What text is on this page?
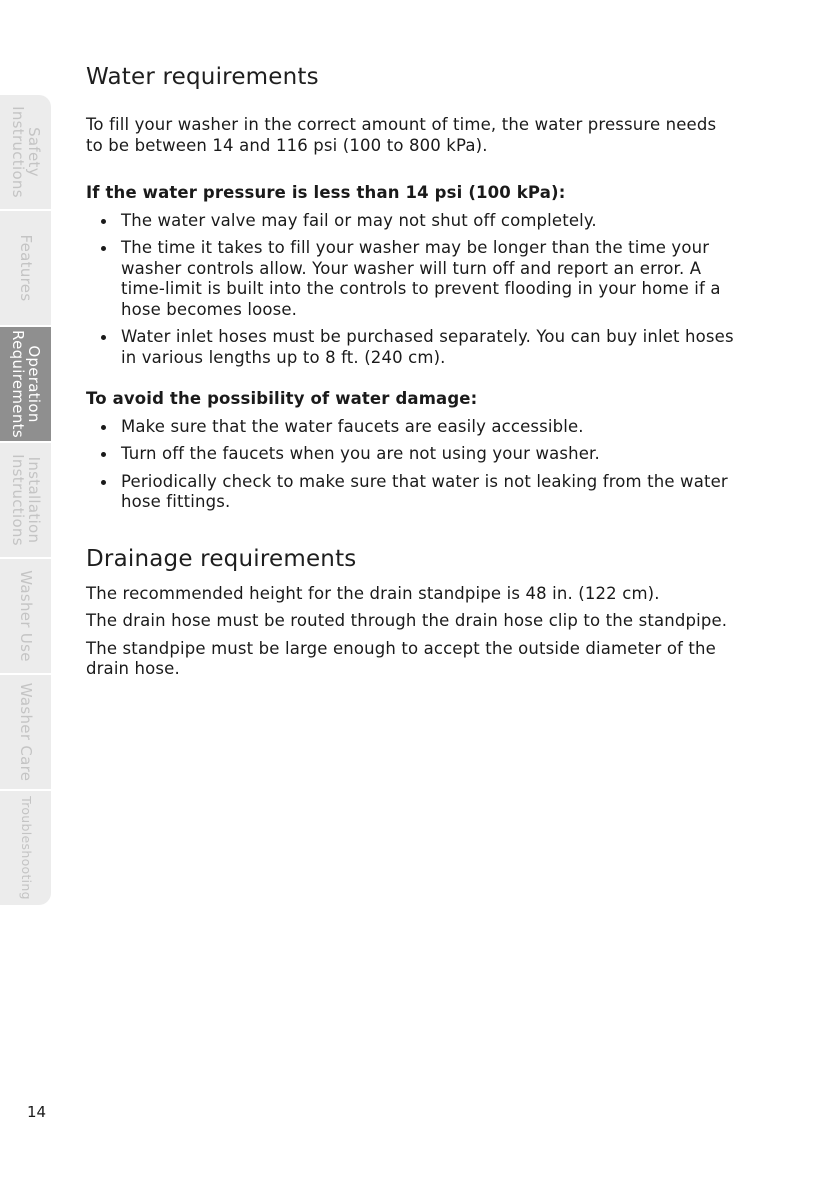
Safety
Instructions
Features
Operation
Requirements
Installation
Instructions
Washer Use
Washer Care
Troubleshooting
Water requirements

To fill your washer in the correct amount of time, the water pressure needs to be between 14 and 116 psi (100 to 800 kPa).

If the water pressure is less than 14 psi (100 kPa):

The water valve may fail or may not shut off completely.
The time it takes to fill your washer may be longer than the time your washer controls allow. Your washer will turn off and report an error. A time-limit is built into the controls to prevent flooding in your home if a hose becomes loose.
Water inlet hoses must be purchased separately. You can buy inlet hoses in various lengths up to 8 ft. (240 cm).

To avoid the possibility of water damage:

Make sure that the water faucets are easily accessible.
Turn off the faucets when you are not using your washer.
Periodically check to make sure that water is not leaking from the water hose fittings.
Drainage requirements

The recommended height for the drain standpipe is 48 in. (122 cm).

The drain hose must be routed through the drain hose clip to the standpipe.

The standpipe must be large enough to accept the outside diameter of the drain hose.

14
